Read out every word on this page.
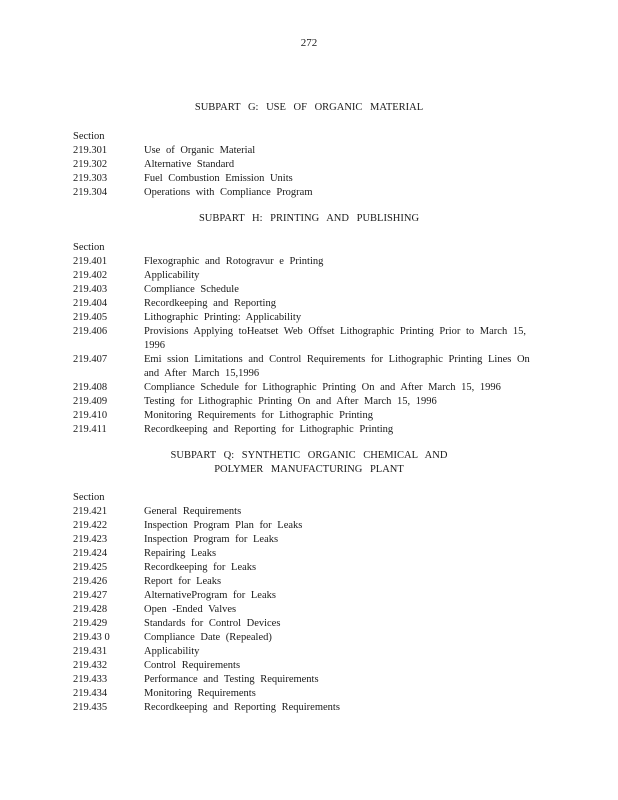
272
SUBPART G: USE OF ORGANIC MATERIAL
Section
219.301	Use of Organic Material
219.302	Alternative Standard
219.303	Fuel Combustion Emission Units
219.304	Operations with Compliance Program
SUBPART H: PRINTING AND PUBLISHING
Section
219.401	Flexographic and Rotogravur e Printing
219.402	Applicability
219.403	Compliance Schedule
219.404	Recordkeeping and Reporting
219.405	Lithographic Printing: Applicability
219.406	Provisions Applying toHeatset Web Offset Lithographic Printing Prior to March 15, 1996
219.407	Emi ssion Limitations and Control Requirements for Lithographic Printing Lines On and After March 15,1996
219.408	Compliance Schedule for Lithographic Printing On and After March 15, 1996
219.409	Testing for Lithographic Printing On and After March 15, 1996
219.410	Monitoring Requirements for Lithographic Printing
219.411	Recordkeeping and Reporting for Lithographic Printing
SUBPART Q: SYNTHETIC ORGANIC CHEMICAL AND
POLYMER MANUFACTURING PLANT
Section
219.421	General Requirements
219.422	Inspection Program Plan for Leaks
219.423	Inspection Program for Leaks
219.424	Repairing Leaks
219.425	Recordkeeping for Leaks
219.426	Report for Leaks
219.427	AlternativeProgram for Leaks
219.428	Open -Ended Valves
219.429	Standards for Control Devices
219.43 0	Compliance Date (Repealed)
219.431	Applicability
219.432	Control Requirements
219.433	Performance and Testing Requirements
219.434	Monitoring Requirements
219.435	Recordkeeping and Reporting Requirements
